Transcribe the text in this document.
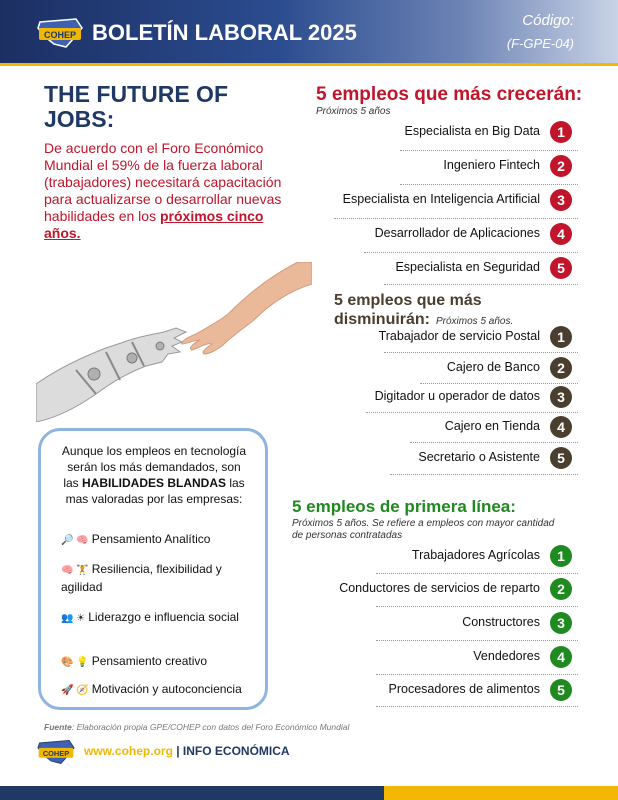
COHEP BOLETÍN LABORAL 2025	Código:
(F-GPE-04)
THE FUTURE OF JOBS:
De acuerdo con el Foro Económico Mundial el 59% de la fuerza laboral (trabajadores) necesitará capacitación para actualizarse o desarrollar nuevas habilidades en los próximos cinco años.
Aunque los empleos en tecnología serán los más demandados, son las HABILIDADES BLANDAS las mas valoradas por las empresas:
🔎 🧠 Pensamiento Analítico
🧠 🏋 Resiliencia, flexibilidad y agilidad
👥 ☀ Liderazgo e influencia social
🎨 💡 Pensamiento creativo
🚀 🧭 Motivación y autoconciencia
5 empleos que más crecerán:
Próximos 5 años
Especialista en Big Data	1
Ingeniero Fintech	2
Especialista en Inteligencia Artificial	3
Desarrollador de Aplicaciones	4
Especialista en Seguridad	5
5 empleos que más
disminuirán: Próximos 5 años.
Trabajador de servicio Postal	1
Cajero de Banco	2
Digitador u operador de datos	3
Cajero en Tienda	4
Secretario o Asistente	5
5 empleos de primera línea:
Próximos 5 años. Se refiere a empleos con mayor cantidad de personas contratadas
Trabajadores Agrícolas	1
Conductores de servicios de reparto	2
Constructores	3
Vendedores	4
Procesadores de alimentos	5
Fuente: Elaboración propia GPE/COHEP con datos del Foro Económico Mundial
COHEP www.cohep.org | INFO ECONÓMICA
